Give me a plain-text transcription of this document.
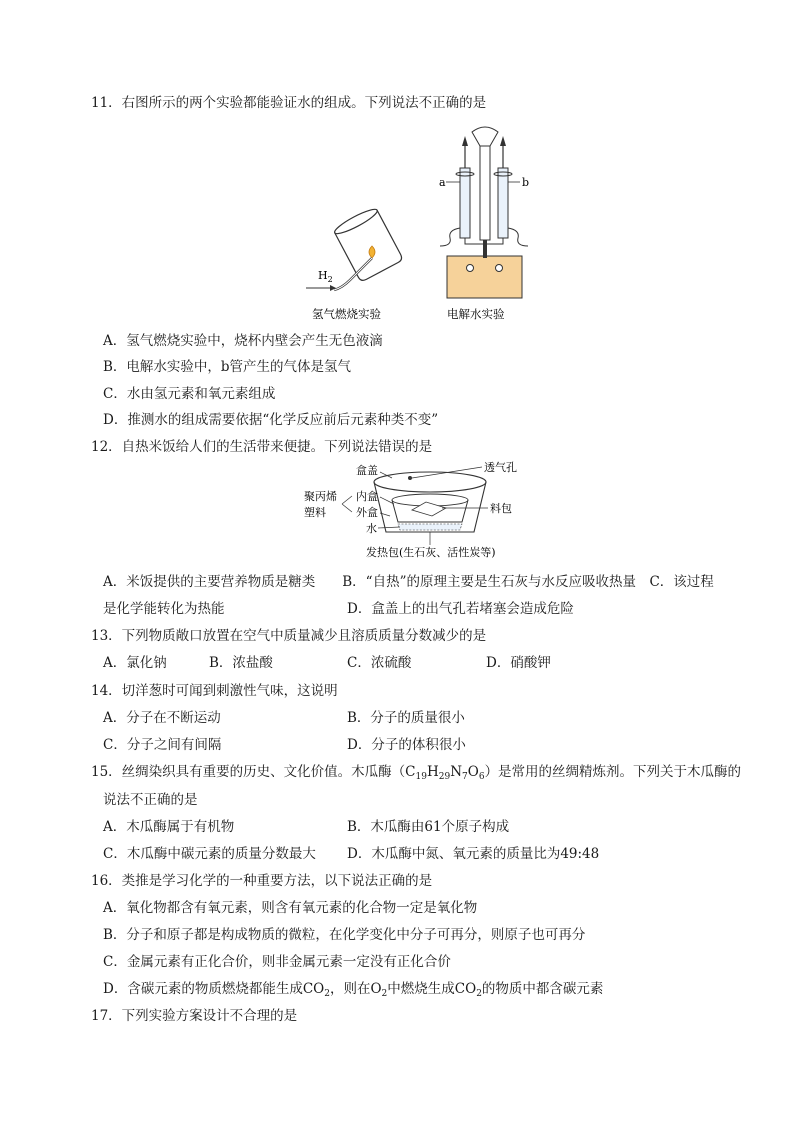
11．右图所示的两个实验都能验证水的组成。下列说法不正确的是
$H_2$
氢气燃烧实验
a	b
电解水实验
A．氢气燃烧实验中，烧杯内壁会产生无色液滴
B．电解水实验中，b管产生的气体是氢气
C．水由氢元素和氧元素组成
D．推测水的组成需要依据“化学反应前后元素种类不变”
12．自热米饭给人们的生活带来便捷。下列说法错误的是
盒盖	透气孔
聚丙烯
塑料
内盒
外盒
水
料包
发热包(生石灰、活性炭等)
A．米饭提供的主要营养物质是糖类　　B．“自热”的原理主要是生石灰与水反应吸收热量　C．该过程
是化学能转化为热能	D．盒盖上的出气孔若堵塞会造成危险
13．下列物质敞口放置在空气中质量减少且溶质质量分数减少的是
A．氯化钠	B．浓盐酸	C．浓硫酸	D．硝酸钾
14．切洋葱时可闻到刺激性气味，这说明
A．分子在不断运动	B．分子的质量很小
C．分子之间有间隔	D．分子的体积很小
15．丝绸染织具有重要的历史、文化价值。木瓜酶$(C_{19}H_{29}N_7O_6)$是常用的丝绸精炼剂。下列关于木瓜酶的
说法不正确的是
A．木瓜酶属于有机物	B．木瓜酶由61个原子构成
C．木瓜酶中碳元素的质量分数最大 D．木瓜酶中氮、氧元素的质量比为49:48
16．类推是学习化学的一种重要方法，以下说法正确的是
A．氧化物都含有氧元素，则含有氧元素的化合物一定是氧化物
B．分子和原子都是构成物质的微粒，在化学变化中分子可再分，则原子也可再分
C．金属元素有正化合价，则非金属元素一定没有正化合价
D．含碳元素的物质燃烧都能生成$CO_2$，则在$O_2$中燃烧生成$CO_2$的物质中都含碳元素
17．下列实验方案设计不合理的是
